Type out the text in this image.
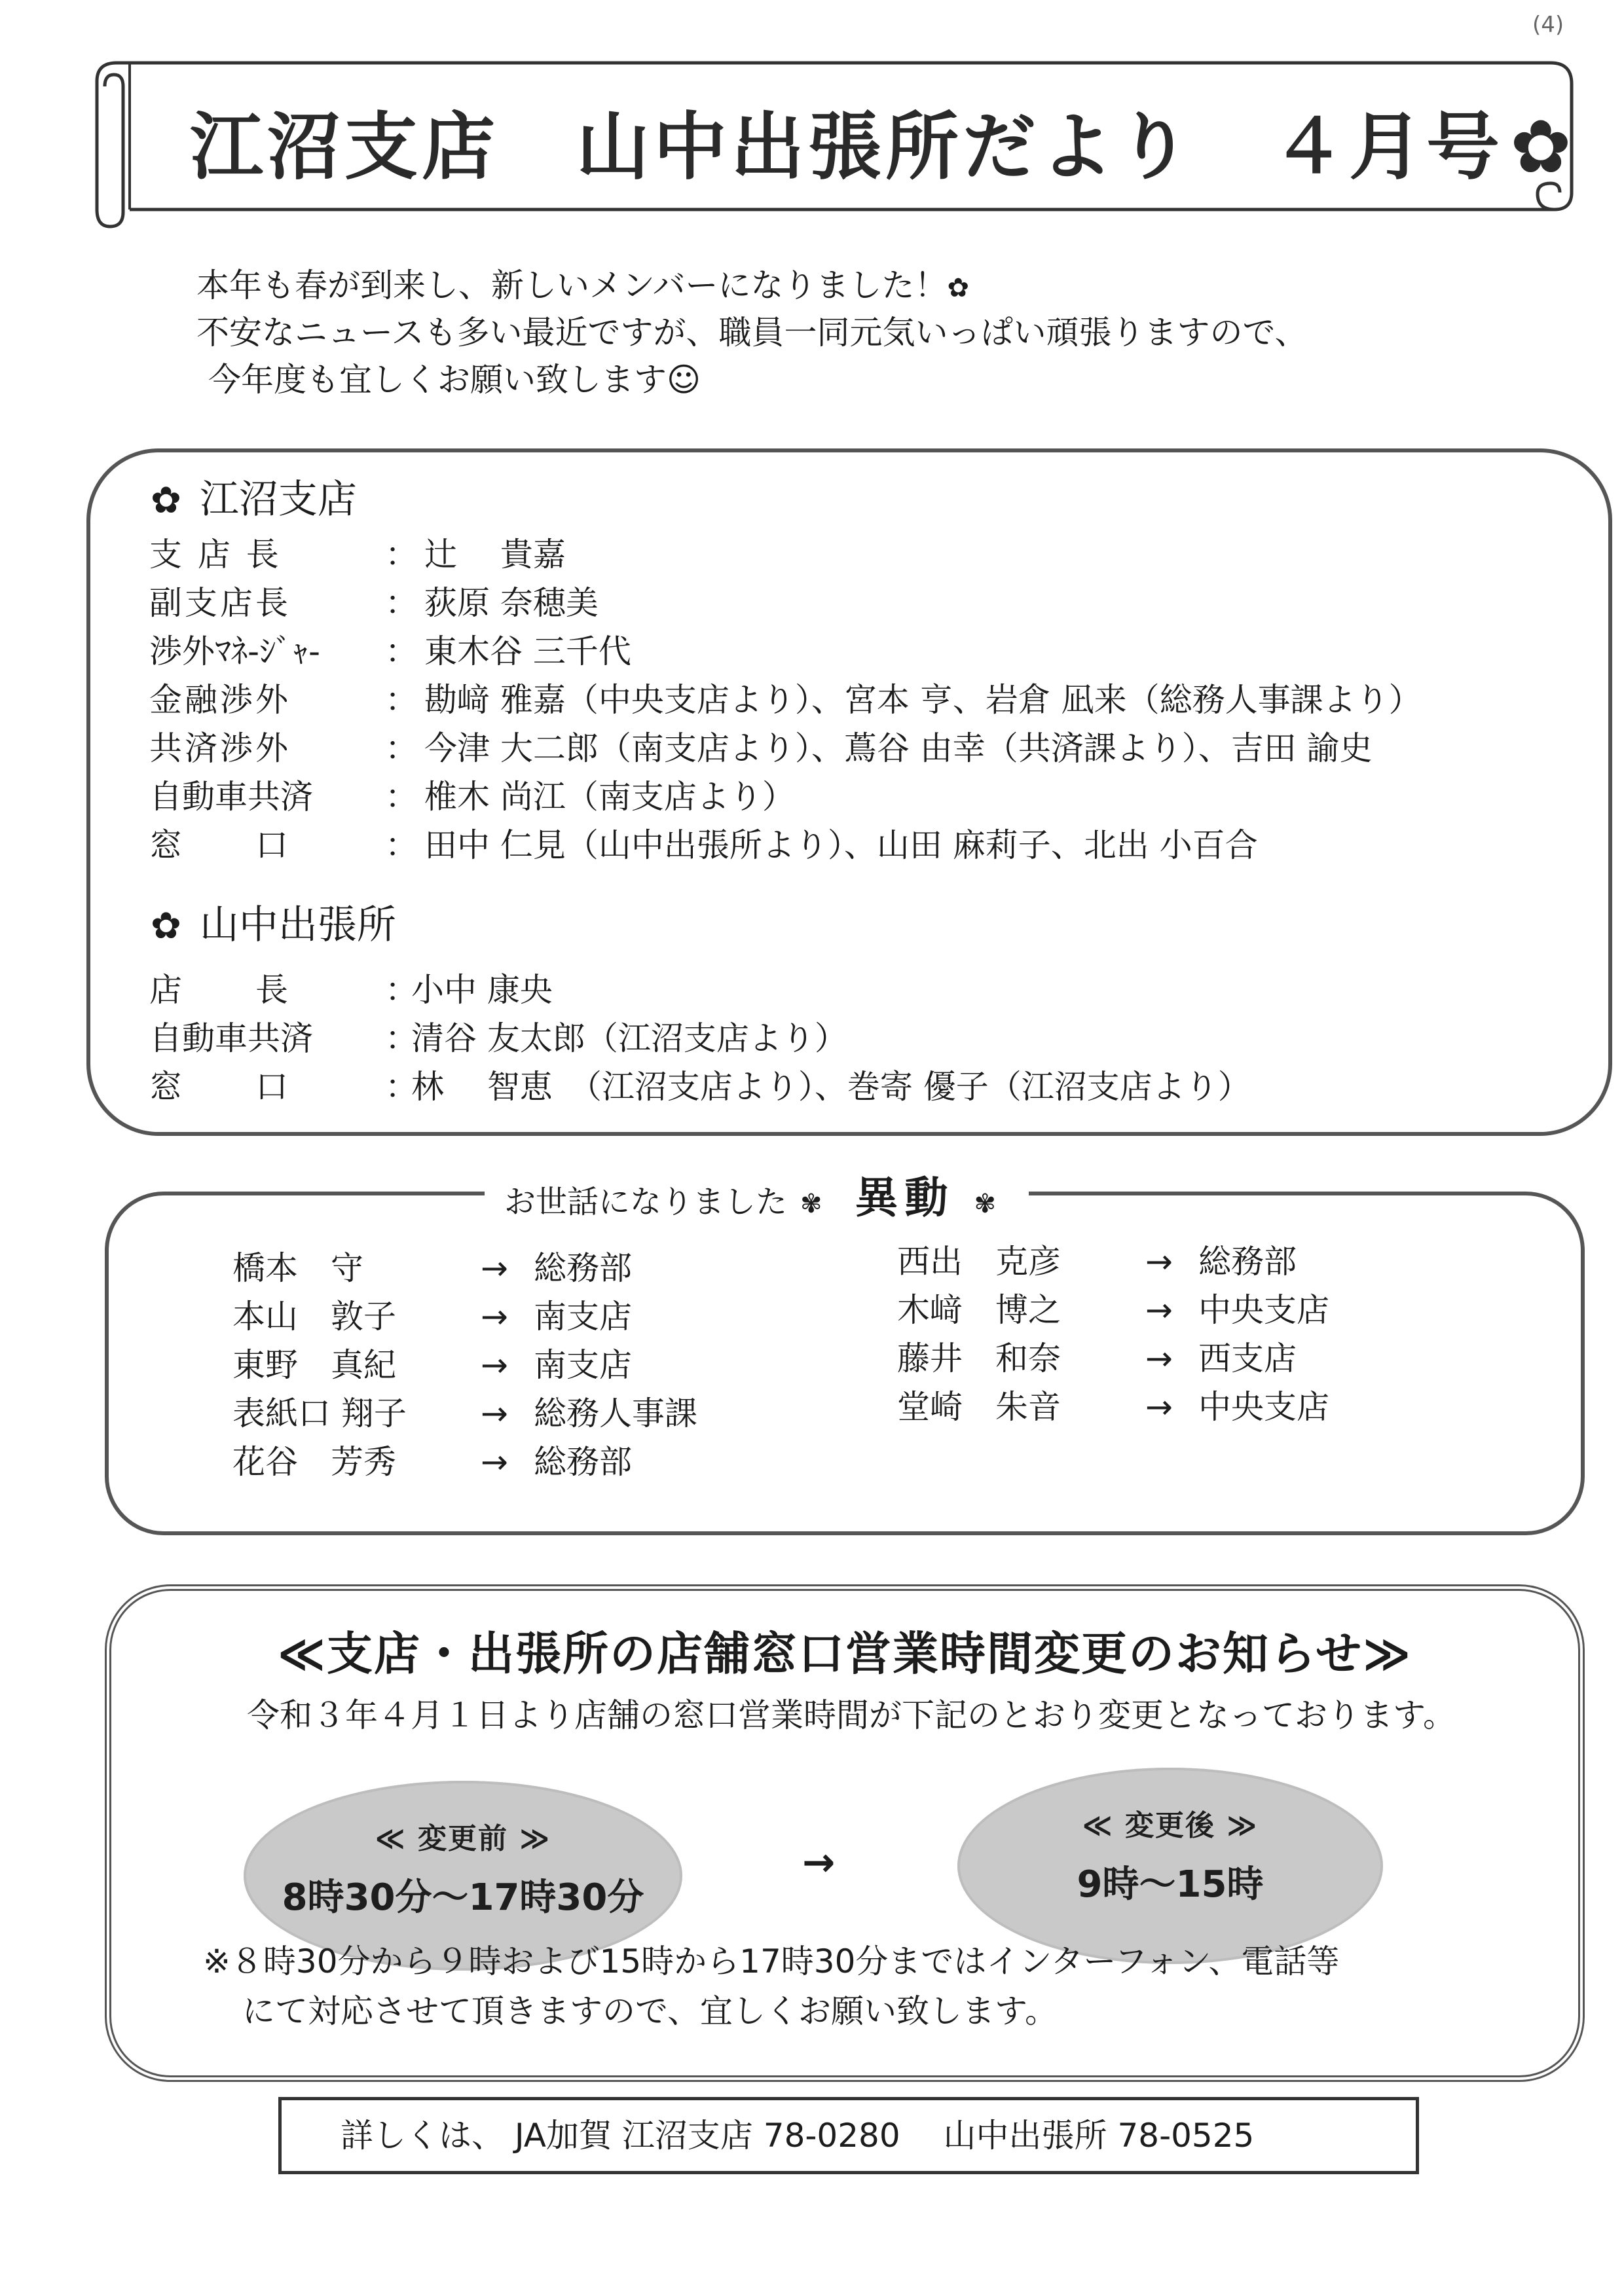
(4)
江沼支店　山中出張所だより　４月号✿
本年も春が到来し、新しいメンバーになりました！✿
不安なニュースも多い最近ですが、職員一同元気いっぱい頑張りますので、
今年度も宜しくお願い致します☺
✿ 江沼支店
支 店 長	： 辻　 貴嘉
副支店長	： 荻原 奈穂美
渉外ﾏﾈ-ｼﾞｬ- ： 東木谷 三千代
金融渉外	： 勘﨑 雅嘉（中央支店より）、宮本 亨、岩倉 凪来（総務人事課より）
共済渉外	： 今津 大二郎（南支店より）、蔦谷 由幸（共済課より）、吉田 諭史
自動車共済 ： 椎木 尚江（南支店より）
窓　　口	： 田中 仁見（山中出張所より）、山田 麻莉子、北出 小百合
✿ 山中出張所
店　　長	：小中 康央
自動車共済 ：清谷 友太郎（江沼支店より）
窓　　口	：林　 智恵　（江沼支店より）、巻寄 優子（江沼支店より）
お世話になりました ✾ 異動 ✾
橋本　守	→ 総務部
本山　敦子	→ 南支店
東野　真紀	→ 南支店
表紙口 翔子 → 総務人事課
花谷　芳秀	→ 総務部
西出　克彦	→ 総務部
木﨑　博之	→ 中央支店
藤井　和奈	→ 西支店
堂崎　朱音	→ 中央支店
≪支店・出張所の店舗窓口営業時間変更のお知らせ≫
令和３年４月１日より店舗の窓口営業時間が下記のとおり変更となっております。
≪ 変更前 ≫
8時30分～17時30分
→
≪ 変更後 ≫
9時～15時
※８時30分から９時および15時から17時30分まではインターフォン、電話等
にて対応させて頂きますので、宜しくお願い致します。
詳しくは、 JA加賀 江沼支店 78-0280　 山中出張所 78-0525
